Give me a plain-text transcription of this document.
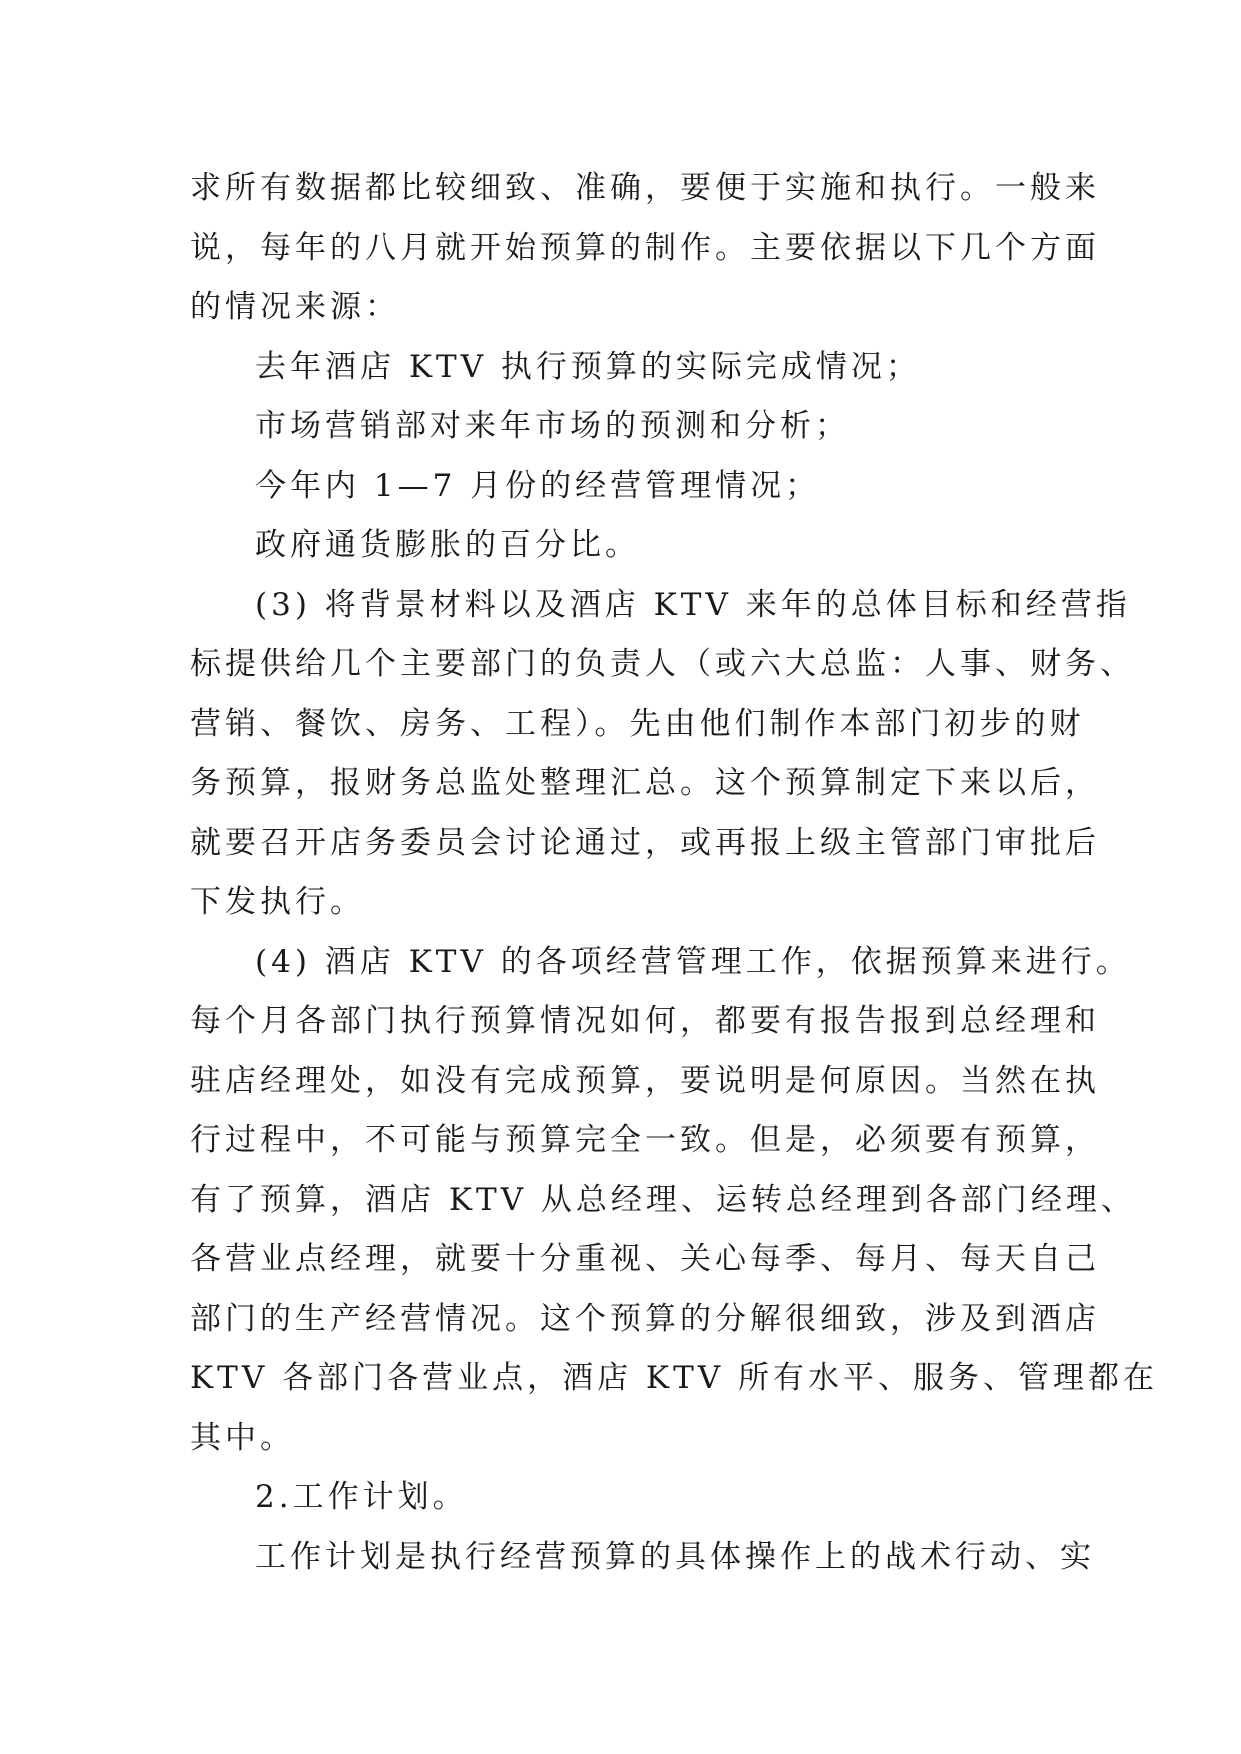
求所有数据都比较细致、准确，要便于实施和执行。一般来
说，每年的八月就开始预算的制作。主要依据以下几个方面
的情况来源：
去年酒店 KTV 执行预算的实际完成情况；
市场营销部对来年市场的预测和分析；
今年内 1—7 月份的经营管理情况；
政府通货膨胀的百分比。
(3) 将背景材料以及酒店 KTV 来年的总体目标和经营指
标提供给几个主要部门的负责人（或六大总监：人事、财务、
营销、餐饮、房务、工程）。先由他们制作本部门初步的财
务预算，报财务总监处整理汇总。这个预算制定下来以后，
就要召开店务委员会讨论通过，或再报上级主管部门审批后
下发执行。
(4) 酒店 KTV 的各项经营管理工作，依据预算来进行。
每个月各部门执行预算情况如何，都要有报告报到总经理和
驻店经理处，如没有完成预算，要说明是何原因。当然在执
行过程中，不可能与预算完全一致。但是，必须要有预算，
有了预算，酒店 KTV 从总经理、运转总经理到各部门经理、
各营业点经理，就要十分重视、关心每季、每月、每天自己
部门的生产经营情况。这个预算的分解很细致，涉及到酒店
KTV 各部门各营业点，酒店 KTV 所有水平、服务、管理都在
其中。
2.工作计划。
工作计划是执行经营预算的具体操作上的战术行动、实
